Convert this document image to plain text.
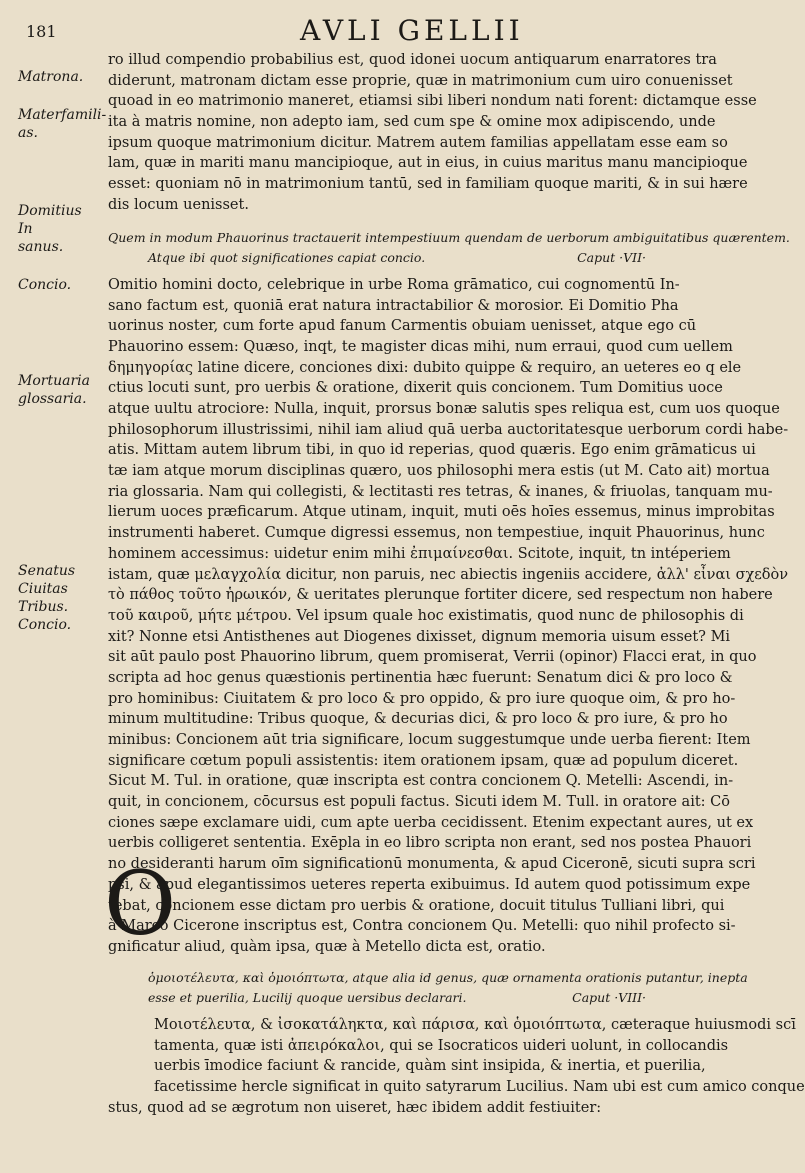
181	AVLI GELLII
Matrona.
Materfamili-
as.
Domitius In
sanus.
Concio.
Mortuaria
glossaria.
Senatus
Ciuitas
Tribus.
Concio.
ro illud compendio probabilius est, quod idonei uocum antiquarum enarratores tra
diderunt, matronam dictam esse proprie, quæ in matrimonium cum uiro conuenisset
quoad in eo matrimonio maneret, etiamsi sibi liberi nondum nati forent: dictamque esse
ita à matris nomine, non adepto iam, sed cum spe & omine mox adipiscendo, unde
ipsum quoque matrimonium dicitur. Matrem autem familias appellatam esse eam so
lam, quæ in mariti manu mancipioque, aut in eius, in cuius maritus manu mancipioque
esset: quoniam nō in matrimonium tantū, sed in familiam quoque mariti, & in sui hære
dis locum uenisset.
Quem in modum Phauorinus tractauerit intempestiuum quendam de uerborum ambiguitatibus quærentem.
Atque ibi quot significationes capiat concio.	Caput ·VII·
Omitio homini docto, celebrique in urbe Roma grāmatico, cui cognomentū In-
sano factum est, quoniā erat natura intractabilior & morosior. Ei Domitio Pha
uorinus noster, cum forte apud fanum Carmentis obuiam uenisset, atque ego cū
Phauorino essem: Quæso, inqt, te magister dicas mihi, num erraui, quod cum uellem
δημηγορίας latine dicere, conciones dixi: dubito quippe & requiro, an ueteres eo q ele
ctius locuti sunt, pro uerbis & oratione, dixerit quis concionem. Tum Domitius uoce
atque uultu atrociore: Nulla, inquit, prorsus bonæ salutis spes reliqua est, cum uos quoque
philosophorum illustrissimi, nihil iam aliud quā uerba auctoritatesque uerborum cordi habe-
atis. Mittam autem librum tibi, in quo id reperias, quod quæris. Ego enim grāmaticus ui
tæ iam atque morum disciplinas quæro, uos philosophi mera estis (ut M. Cato ait) mortua
ria glossaria. Nam qui collegisti, & lectitasti res tetras, & inanes, & friuolas, tanquam mu-
lierum uoces præficarum. Atque utinam, inquit, muti oēs hoīes essemus, minus improbitas
instrumenti haberet. Cumque digressi essemus, non tempestiue, inquit Phauorinus, hunc
hominem accessimus: uidetur enim mihi ἐπιμαίνεσθαι. Scitote, inquit, tn intéperiem
istam, quæ μελαγχολία dicitur, non paruis, nec abiectis ingeniis accidere, ἀλλ' εἶναι σχεδὸν
τὸ πάθος τοῦτο ἡρωικόν, & ueritates plerunque fortiter dicere, sed respectum non habere
τοῦ καιροῦ, μήτε μέτρου. Vel ipsum quale hoc existimatis, quod nunc de philosophis di
xit? Nonne etsi Antisthenes aut Diogenes dixisset, dignum memoria uisum esset? Mi
sit aūt paulo post Phauorino librum, quem promiserat, Verrii (opinor) Flacci erat, in quo
scripta ad hoc genus quæstionis pertinentia hæc fuerunt: Senatum dici & pro loco &
pro hominibus: Ciuitatem & pro loco & pro oppido, & pro iure quoque oim, & pro ho-
minum multitudine: Tribus quoque, & decurias dici, & pro loco & pro iure, & pro ho
minibus: Concionem aūt tria significare, locum suggestumque unde uerba fierent: Item
significare cœtum populi assistentis: item orationem ipsam, quæ ad populum diceret.
Sicut M. Tul. in oratione, quæ inscripta est contra concionem Q. Metelli: Ascendi, in-
quit, in concionem, cōcursus est populi factus. Sicuti idem M. Tull. in oratore ait: Cō
ciones sæpe exclamare uidi, cum apte uerba cecidissent. Etenim expectant aures, ut ex
uerbis colligeret sententia. Exēpla in eo libro scripta non erant, sed nos postea Phauori
no desideranti harum oīm significationū monumenta, & apud Ciceronē, sicuti supra scri
psi, & apud elegantissimos ueteres reperta exibuimus. Id autem quod potissimum expe
tebat, concionem esse dictam pro uerbis & oratione, docuit titulus Tulliani libri, qui
à Marco Cicerone inscriptus est, Contra concionem Qu. Metelli: quo nihil profecto si-
gnificatur aliud, quàm ipsa, quæ à Metello dicta est, oratio.
ὁμοιοτέλευτα, καὶ ὁμοιόπτωτα, atque alia id genus, quæ ornamenta orationis putantur, inepta
esse et puerilia, Lucilij quoque uersibus declarari.	Caput ·VIII·
Μοιοτέλευτα, & ἰσοκατάληκτα, καὶ πάρισα, καὶ ὁμοιόπτωτα, cæteraque huiusmodi scī
tamenta, quæ isti ἀπειρόκαλοι, qui se Isocraticos uideri uolunt, in collocandis
uerbis īmodice faciunt & rancide, quàm sint insipida, & inertia, et puerilia,
facetissime hercle significat in quito satyrarum Lucilius. Nam ubi est cum amico conque
stus, quod ad se ægrotum non uiseret, hæc ibidem addit festiuiter:
O
